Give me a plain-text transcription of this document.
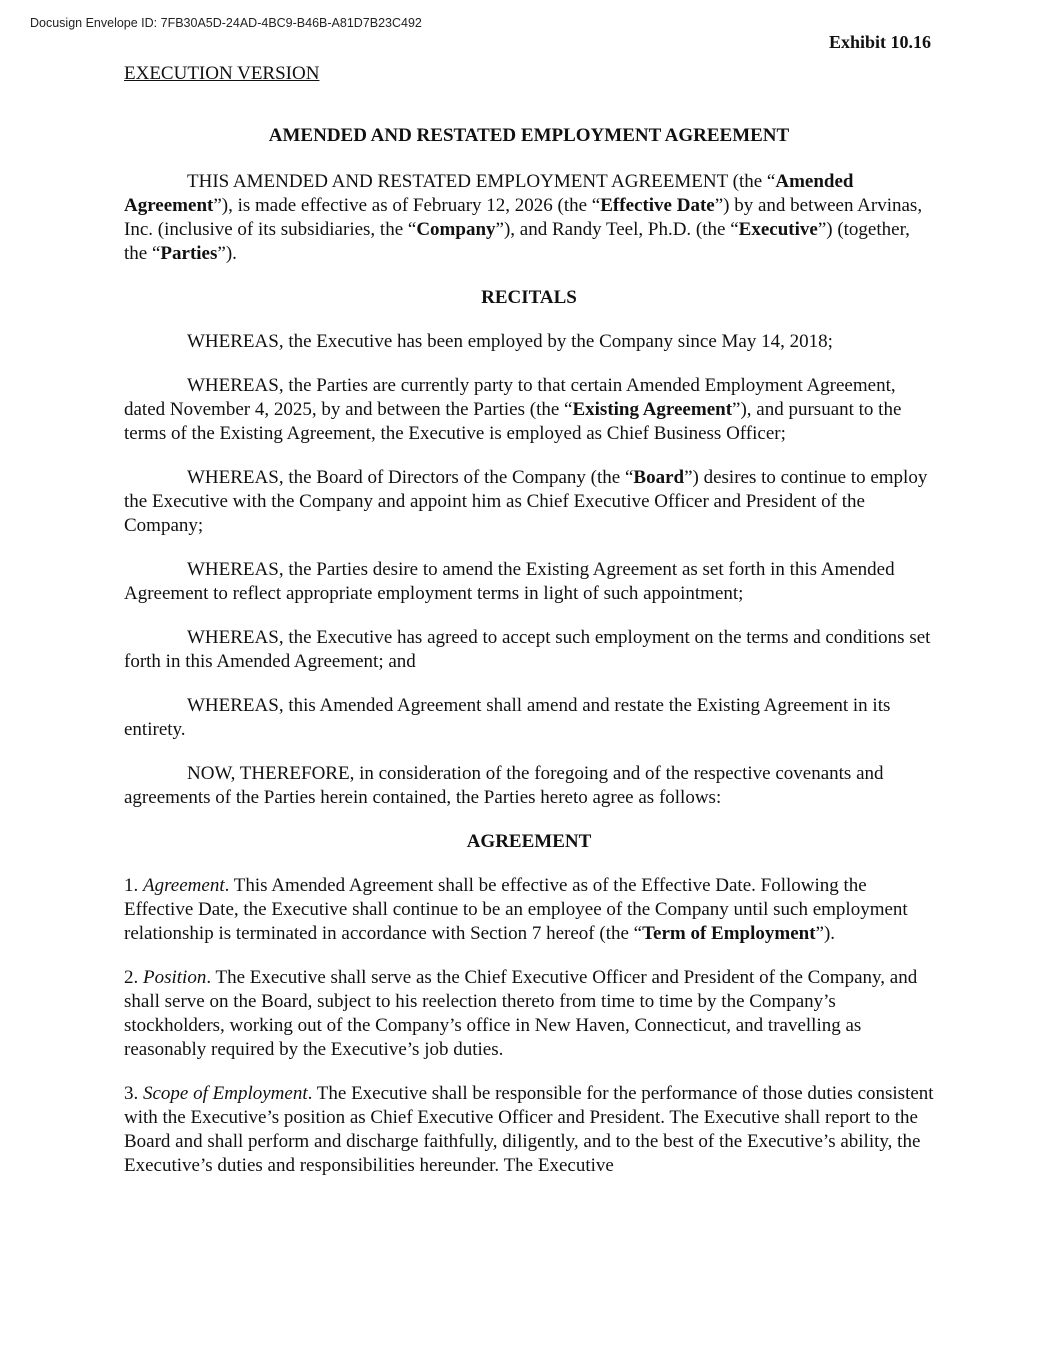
Docusign Envelope ID: 7FB30A5D-24AD-4BC9-B46B-A81D7B23C492
Exhibit 10.16
EXECUTION VERSION
AMENDED AND RESTATED EMPLOYMENT AGREEMENT

THIS AMENDED AND RESTATED EMPLOYMENT AGREEMENT (the “Amended Agreement”), is made effective as of February 12, 2026 (the “Effective Date”) by and between Arvinas, Inc. (inclusive of its subsidiaries, the “Company”), and Randy Teel, Ph.D. (the “Executive”) (together, the “Parties”).

RECITALS

WHEREAS, the Executive has been employed by the Company since May 14, 2018;

WHEREAS, the Parties are currently party to that certain Amended Employment Agreement, dated November 4, 2025, by and between the Parties (the “Existing Agreement”), and pursuant to the terms of the Existing Agreement, the Executive is employed as Chief Business Officer;

WHEREAS, the Board of Directors of the Company (the “Board”) desires to continue to employ the Executive with the Company and appoint him as Chief Executive Officer and President of the Company;

WHEREAS, the Parties desire to amend the Existing Agreement as set forth in this Amended Agreement to reflect appropriate employment terms in light of such appointment;

WHEREAS, the Executive has agreed to accept such employment on the terms and conditions set forth in this Amended Agreement; and

WHEREAS, this Amended Agreement shall amend and restate the Existing Agreement in its entirety.

NOW, THEREFORE, in consideration of the foregoing and of the respective covenants and agreements of the Parties herein contained, the Parties hereto agree as follows:

AGREEMENT

1. Agreement. This Amended Agreement shall be effective as of the Effective Date. Following the Effective Date, the Executive shall continue to be an employee of the Company until such employment relationship is terminated in accordance with Section 7 hereof (the “Term of Employment”).

2. Position. The Executive shall serve as the Chief Executive Officer and President of the Company, and shall serve on the Board, subject to his reelection thereto from time to time by the Company’s stockholders, working out of the Company’s office in New Haven, Connecticut, and travelling as reasonably required by the Executive’s job duties.

3. Scope of Employment. The Executive shall be responsible for the performance of those duties consistent with the Executive’s position as Chief Executive Officer and President. The Executive shall report to the Board and shall perform and discharge faithfully, diligently, and to the best of the Executive’s ability, the Executive’s duties and responsibilities hereunder. The Executive
